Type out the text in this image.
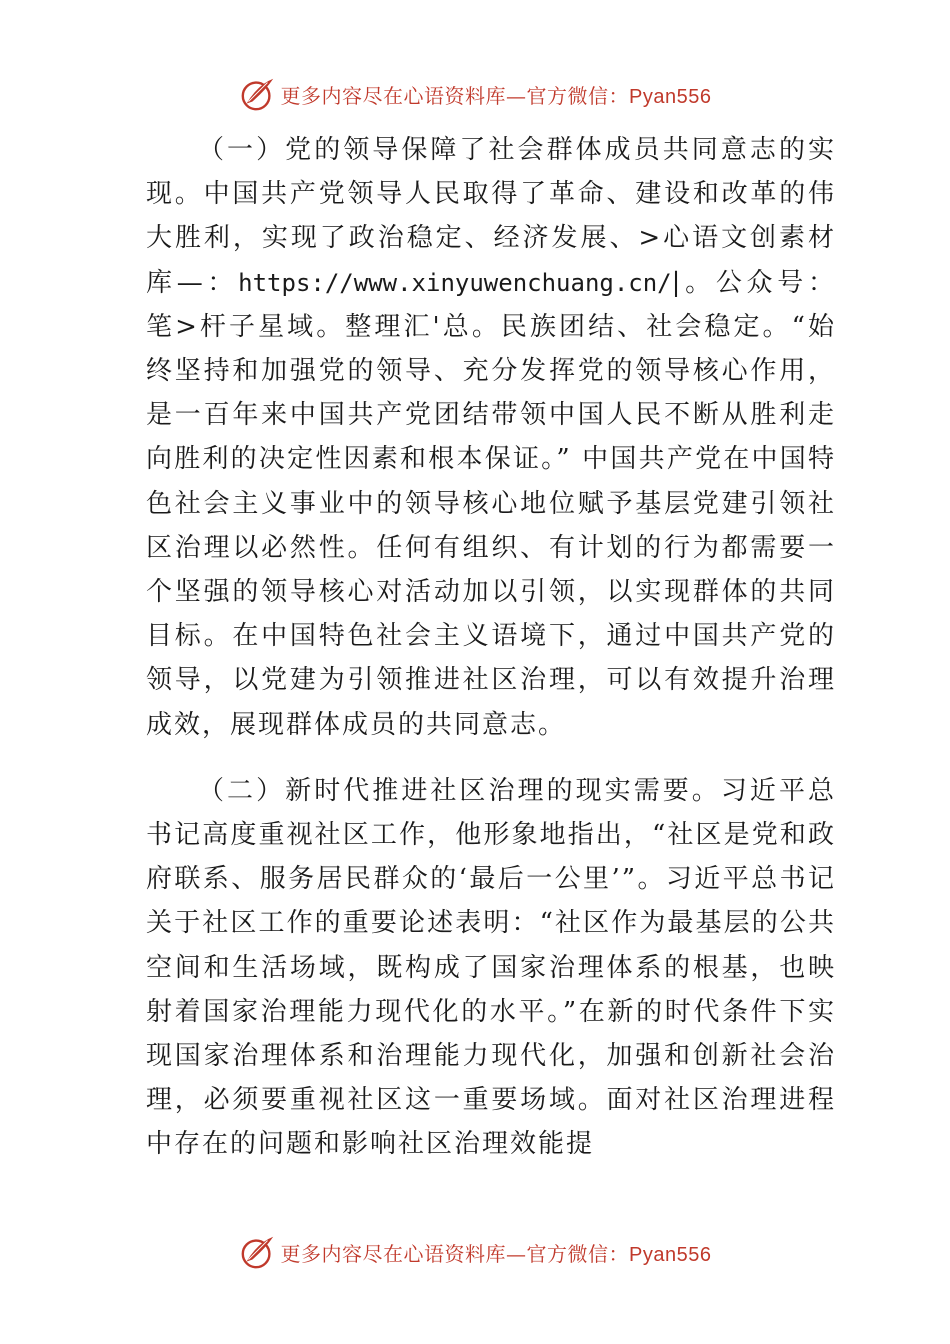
更多内容尽在心语资料库—官方微信：Pyan556

（一）党的领导保障了社会群体成员共同意志的实现。中国共产党领导人民取得了革命、建设和改革的伟大胜利，实现了政治稳定、经济发展、>心语文创素材库—：https://www.xinyuwenchuang.cn/|。公众号：笔>杆子星域。整理汇'总。民族团结、社会稳定。“始终坚持和加强党的领导、充分发挥党的领导核心作用，是一百年来中国共产党团结带领中国人民不断从胜利走向胜利的决定性因素和根本保证。” 中国共产党在中国特色社会主义事业中的领导核心地位赋予基层党建引领社区治理以必然性。任何有组织、有计划的行为都需要一个坚强的领导核心对活动加以引领，以实现群体的共同目标。在中国特色社会主义语境下，通过中国共产党的领导，以党建为引领推进社区治理，可以有效提升治理成效，展现群体成员的共同意志。

（二）新时代推进社区治理的现实需要。习近平总书记高度重视社区工作，他形象地指出，“社区是党和政府联系、服务居民群众的‘最后一公里’”。习近平总书记关于社区工作的重要论述表明：“社区作为最基层的公共空间和生活场域，既构成了国家治理体系的根基，也映射着国家治理能力现代化的水平。”在新的时代条件下实现国家治理体系和治理能力现代化，加强和创新社会治理，必须要重视社区这一重要场域。面对社区治理进程中存在的问题和影响社区治理效能提

更多内容尽在心语资料库—官方微信：Pyan556
